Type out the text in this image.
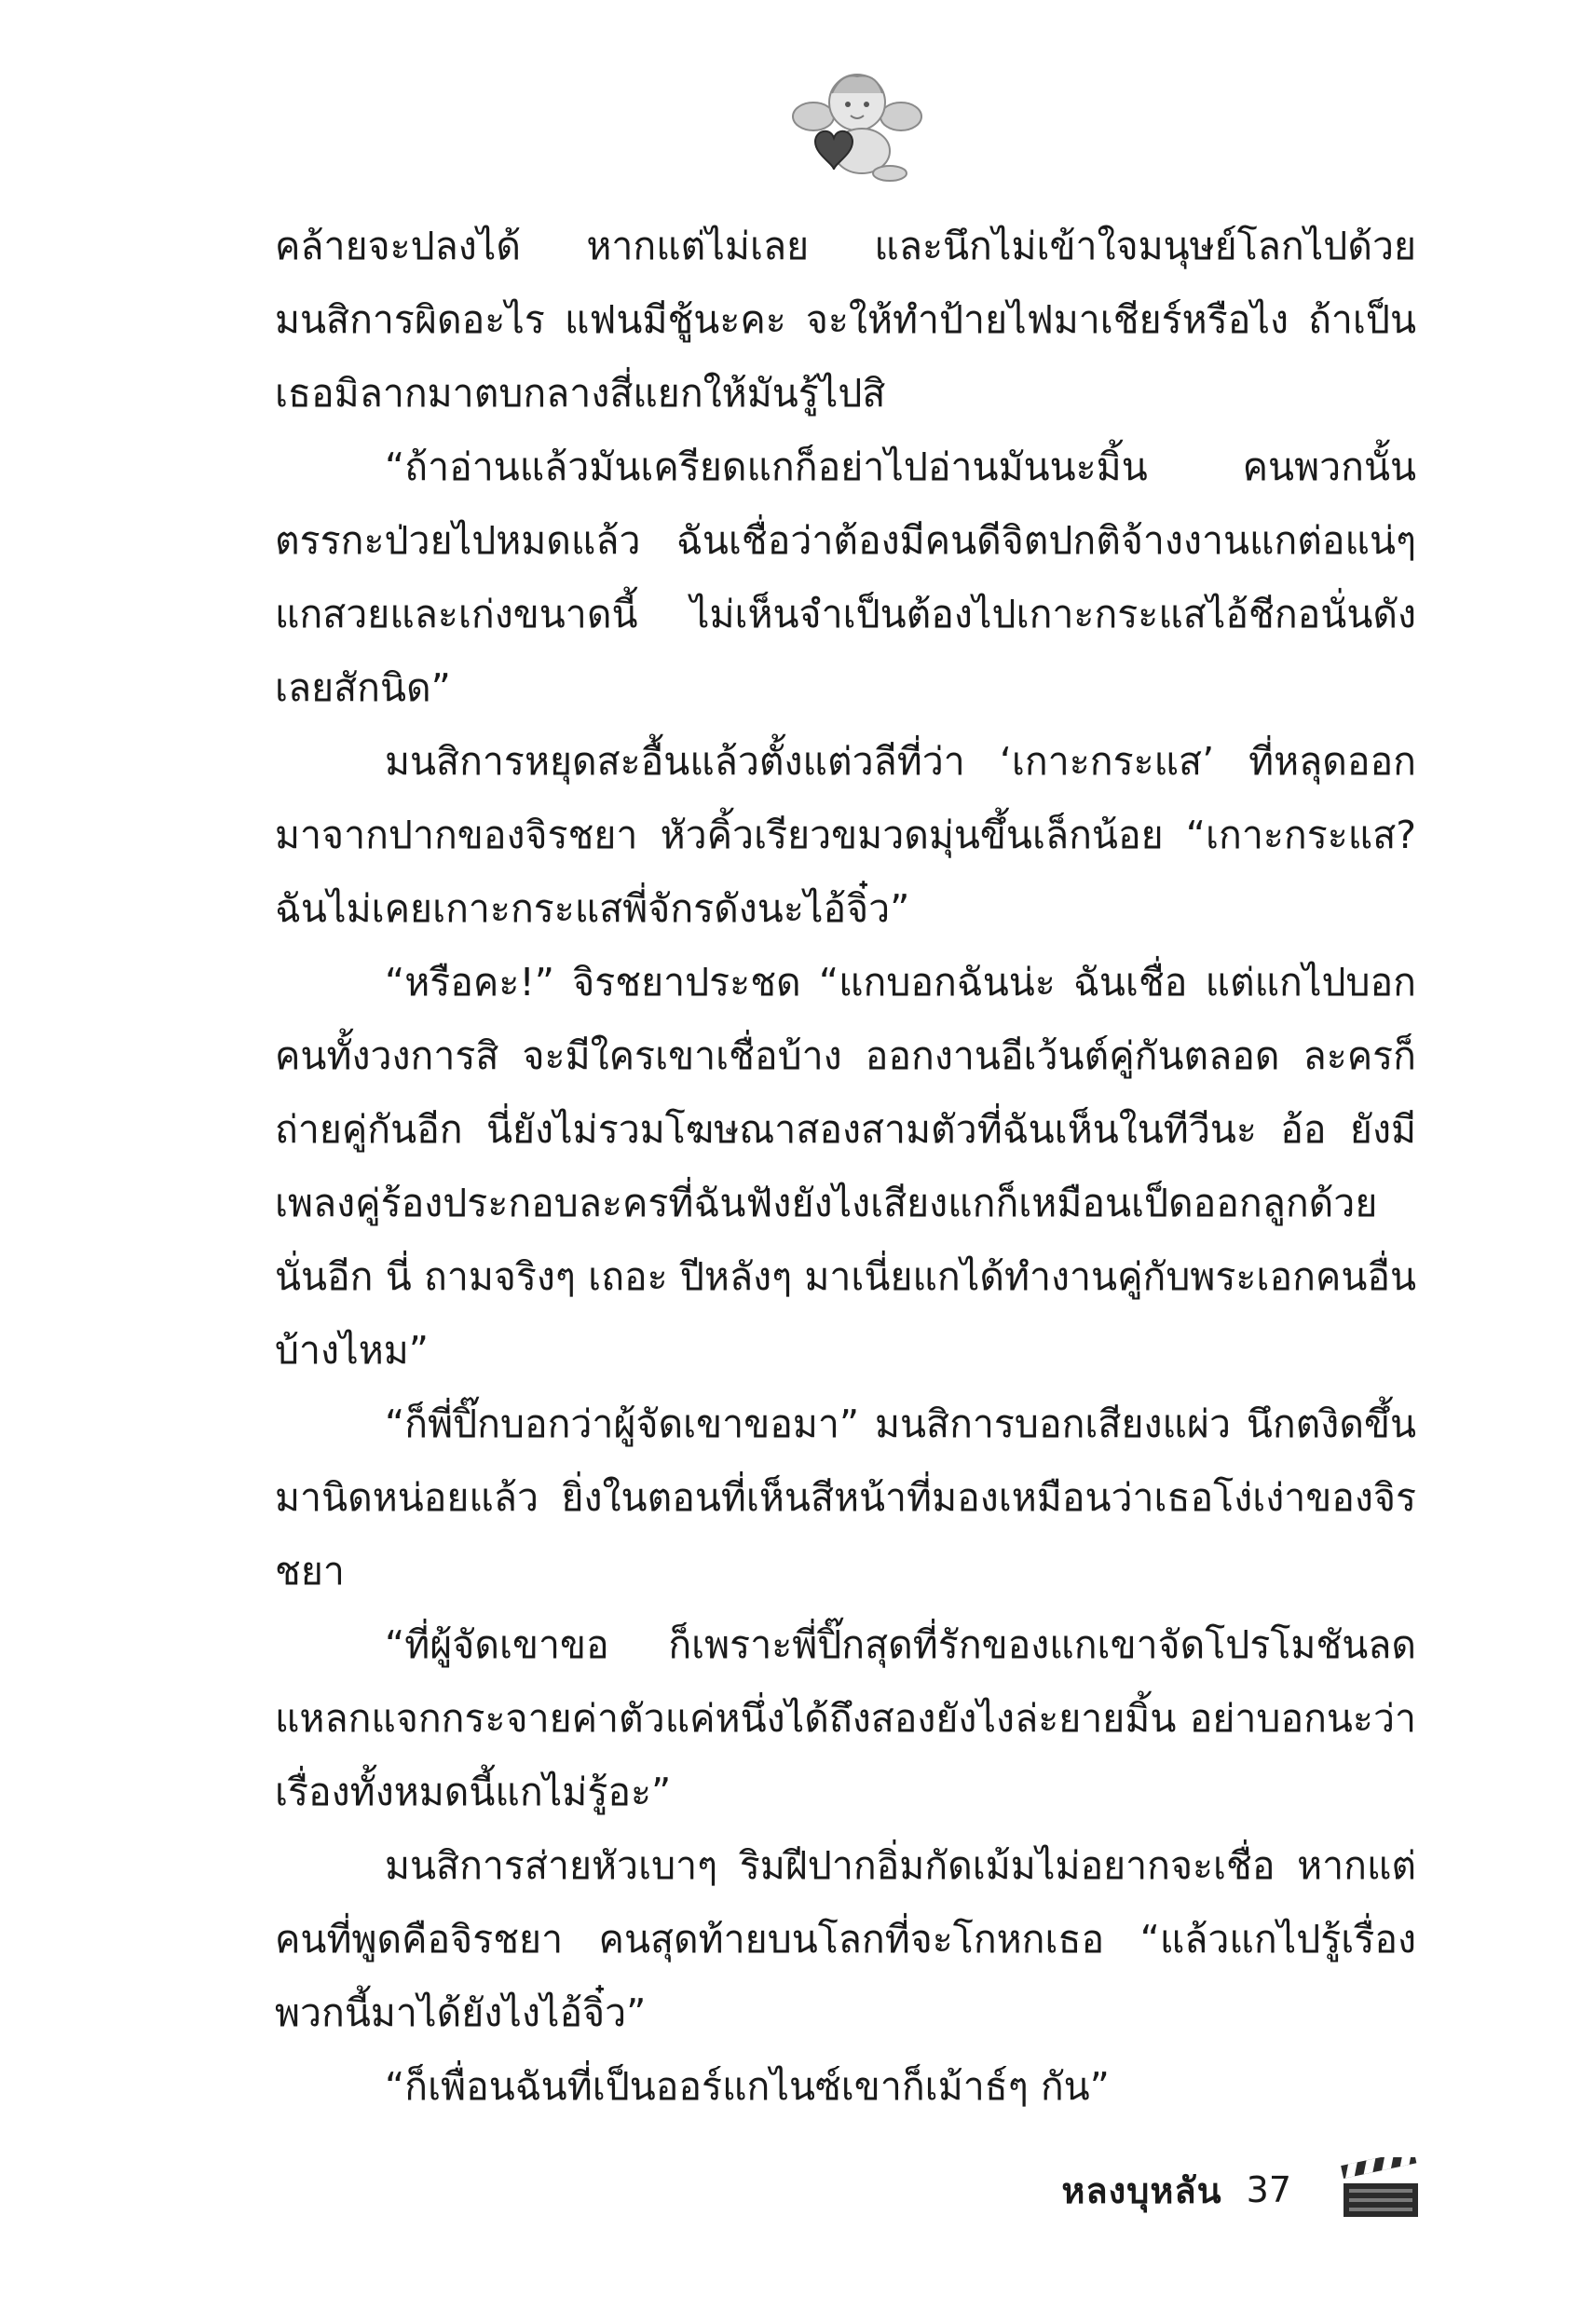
คล้ายจะปลงได้ หากแต่ไม่เลย และนึกไม่เข้าใจมนุษย์โลกไปด้วย มนสิการผิดอะไร แฟนมีชู้นะคะ จะให้ทำป้ายไฟมาเชียร์หรือไง ถ้าเป็นเธอมิลากมาตบกลางสี่แยกให้มันรู้ไปสิ

“ถ้าอ่านแล้วมันเครียดแกก็อย่าไปอ่านมันนะมิ้น คนพวกนั้นตรรกะป่วยไปหมดแล้ว ฉันเชื่อว่าต้องมีคนดีจิตปกติจ้างงานแกต่อแน่ๆ แกสวยและเก่งขนาดนี้ ไม่เห็นจำเป็นต้องไปเกาะกระแสไอ้ชีกอนั่นดังเลยสักนิด”

มนสิการหยุดสะอื้นแล้วตั้งแต่วลีที่ว่า ‘เกาะกระแส’ ที่หลุดออกมาจากปากของจิรชยา หัวคิ้วเรียวขมวดมุ่นขึ้นเล็กน้อย “เกาะกระแส? ฉันไม่เคยเกาะกระแสพี่จักรดังนะไอ้จิ๋ว”

“หรือคะ!” จิรชยาประชด “แกบอกฉันน่ะ ฉันเชื่อ แต่แกไปบอกคนทั้งวงการสิ จะมีใครเขาเชื่อบ้าง ออกงานอีเว้นต์คู่กันตลอด ละครก็ถ่ายคู่กันอีก นี่ยังไม่รวมโฆษณาสองสามตัวที่ฉันเห็นในทีวีนะ อ้อ ยังมีเพลงคู่ร้องประกอบละครที่ฉันฟังยังไงเสียงแกก็เหมือนเป็ดออกลูกด้วยนั่นอีก นี่ ถามจริงๆ เถอะ ปีหลังๆ มาเนี่ยแกได้ทำงานคู่กับพระเอกคนอื่นบ้างไหม”

“ก็พี่ปิ๊กบอกว่าผู้จัดเขาขอมา” มนสิการบอกเสียงแผ่ว นึกตงิดขึ้นมานิดหน่อยแล้ว ยิ่งในตอนที่เห็นสีหน้าที่มองเหมือนว่าเธอโง่เง่าของจิรชยา

“ที่ผู้จัดเขาขอ ก็เพราะพี่ปิ๊กสุดที่รักของแกเขาจัดโปรโมชันลดแหลกแจกกระจายค่าตัวแค่หนึ่งได้ถึงสองยังไงล่ะยายมิ้น อย่าบอกนะว่าเรื่องทั้งหมดนี้แกไม่รู้อะ”

มนสิการส่ายหัวเบาๆ ริมฝีปากอิ่มกัดเม้มไม่อยากจะเชื่อ หากแต่คนที่พูดคือจิรชยา คนสุดท้ายบนโลกที่จะโกหกเธอ “แล้วแกไปรู้เรื่องพวกนี้มาได้ยังไงไอ้จิ๋ว”

“ก็เพื่อนฉันที่เป็นออร์แกไนซ์เขาก็เม้าธ์ๆ กัน”

หลงบุหลัน 37
